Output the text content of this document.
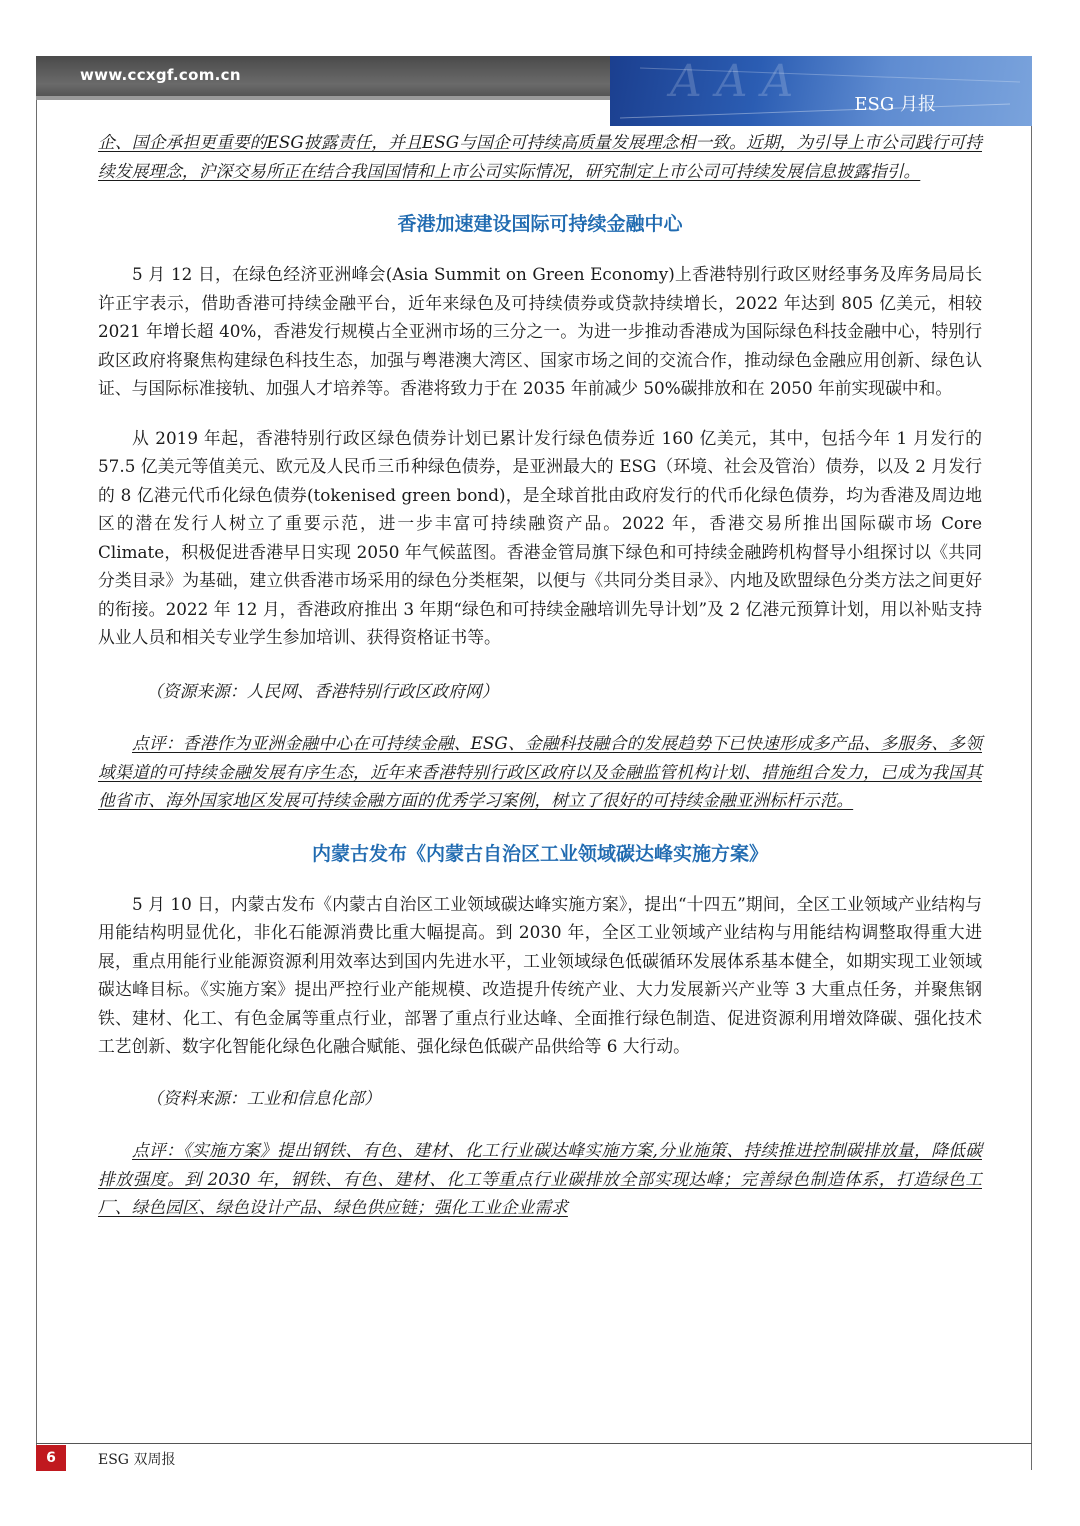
www.ccxgf.com.cn	A A A	ESG 月报

企、国企承担更重要的ESG披露责任，并且ESG与国企可持续高质量发展理念相一致。近期，为引导上市公司践行可持续发展理念，沪深交易所正在结合我国国情和上市公司实际情况，研究制定上市公司可持续发展信息披露指引。

香港加速建设国际可持续金融中心

5 月 12 日，在绿色经济亚洲峰会(Asia Summit on Green Economy)上香港特别行政区财经事务及库务局局长许正宇表示，借助香港可持续金融平台，近年来绿色及可持续债券或贷款持续增长，2022 年达到 805 亿美元，相较 2021 年增长超 40%，香港发行规模占全亚洲市场的三分之一。为进一步推动香港成为国际绿色科技金融中心，特别行政区政府将聚焦构建绿色科技生态，加强与粤港澳大湾区、国家市场之间的交流合作，推动绿色金融应用创新、绿色认证、与国际标准接轨、加强人才培养等。香港将致力于在 2035 年前减少 50%碳排放和在 2050 年前实现碳中和。

从 2019 年起，香港特别行政区绿色债券计划已累计发行绿色债券近 160 亿美元，其中，包括今年 1 月发行的 57.5 亿美元等值美元、欧元及人民币三币种绿色债券，是亚洲最大的 ESG（环境、社会及管治）债券，以及 2 月发行的 8 亿港元代币化绿色债券(tokenised green bond)，是全球首批由政府发行的代币化绿色债券，均为香港及周边地区的潜在发行人树立了重要示范，进一步丰富可持续融资产品。2022 年，香港交易所推出国际碳市场 Core Climate，积极促进香港早日实现 2050 年气候蓝图。香港金管局旗下绿色和可持续金融跨机构督导小组探讨以《共同分类目录》为基础，建立供香港市场采用的绿色分类框架，以便与《共同分类目录》、内地及欧盟绿色分类方法之间更好的衔接。2022 年 12 月，香港政府推出 3 年期“绿色和可持续金融培训先导计划”及 2 亿港元预算计划，用以补贴支持从业人员和相关专业学生参加培训、获得资格证书等。

（资源来源：人民网、香港特别行政区政府网）

点评：香港作为亚洲金融中心在可持续金融、ESG、金融科技融合的发展趋势下已快速形成多产品、多服务、多领域渠道的可持续金融发展有序生态，近年来香港特别行政区政府以及金融监管机构计划、措施组合发力，已成为我国其他省市、海外国家地区发展可持续金融方面的优秀学习案例，树立了很好的可持续金融亚洲标杆示范。

内蒙古发布《内蒙古自治区工业领域碳达峰实施方案》

5 月 10 日，内蒙古发布《内蒙古自治区工业领域碳达峰实施方案》，提出“十四五”期间，全区工业领域产业结构与用能结构明显优化，非化石能源消费比重大幅提高。到 2030 年，全区工业领域产业结构与用能结构调整取得重大进展，重点用能行业能源资源利用效率达到国内先进水平，工业领域绿色低碳循环发展体系基本健全，如期实现工业领域碳达峰目标。《实施方案》提出严控行业产能规模、改造提升传统产业、大力发展新兴产业等 3 大重点任务，并聚焦钢铁、建材、化工、有色金属等重点行业，部署了重点行业达峰、全面推行绿色制造、促进资源利用增效降碳、强化技术工艺创新、数字化智能化绿色化融合赋能、强化绿色低碳产品供给等 6 大行动。

（资料来源：工业和信息化部）

点评：《实施方案》提出钢铁、有色、建材、化工行业碳达峰实施方案,分业施策、持续推进控制碳排放量，降低碳排放强度。到 2030 年，钢铁、有色、建材、化工等重点行业碳排放全部实现达峰；完善绿色制造体系，打造绿色工厂、绿色园区、绿色设计产品、绿色供应链；强化工业企业需求

6	ESG 双周报
